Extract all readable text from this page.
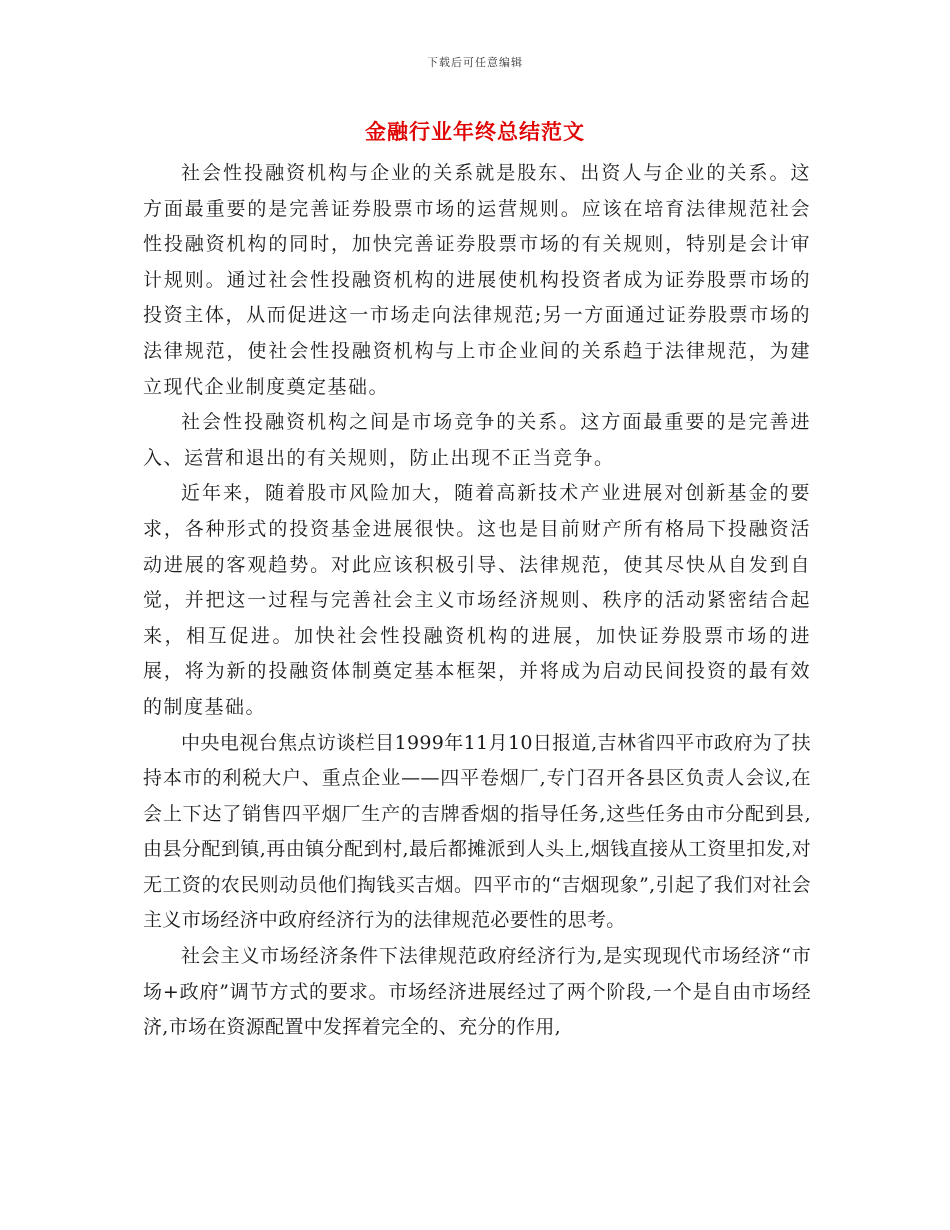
下载后可任意编辑
金融行业年终总结范文

社会性投融资机构与企业的关系就是股东、出资人与企业的关系。这方面最重要的是完善证券股票市场的运营规则。应该在培育法律规范社会性投融资机构的同时，加快完善证券股票市场的有关规则，特别是会计审计规则。通过社会性投融资机构的进展使机构投资者成为证券股票市场的投资主体，从而促进这一市场走向法律规范;另一方面通过证券股票市场的法律规范，使社会性投融资机构与上市企业间的关系趋于法律规范，为建立现代企业制度奠定基础。

社会性投融资机构之间是市场竞争的关系。这方面最重要的是完善进入、运营和退出的有关规则，防止出现不正当竞争。

近年来，随着股市风险加大，随着高新技术产业进展对创新基金的要求，各种形式的投资基金进展很快。这也是目前财产所有格局下投融资活动进展的客观趋势。对此应该积极引导、法律规范，使其尽快从自发到自觉，并把这一过程与完善社会主义市场经济规则、秩序的活动紧密结合起来，相互促进。加快社会性投融资机构的进展，加快证券股票市场的进展，将为新的投融资体制奠定基本框架，并将成为启动民间投资的最有效的制度基础。

中央电视台焦点访谈栏目1999年11月10日报道,吉林省四平市政府为了扶持本市的利税大户、重点企业——四平卷烟厂,专门召开各县区负责人会议,在会上下达了销售四平烟厂生产的吉牌香烟的指导任务,这些任务由市分配到县,由县分配到镇,再由镇分配到村,最后都摊派到人头上,烟钱直接从工资里扣发,对无工资的农民则动员他们掏钱买吉烟。四平市的“吉烟现象”,引起了我们对社会主义市场经济中政府经济行为的法律规范必要性的思考。

社会主义市场经济条件下法律规范政府经济行为,是实现现代市场经济“市场+政府”调节方式的要求。市场经济进展经过了两个阶段,一个是自由市场经济,市场在资源配置中发挥着完全的、充分的作用,
